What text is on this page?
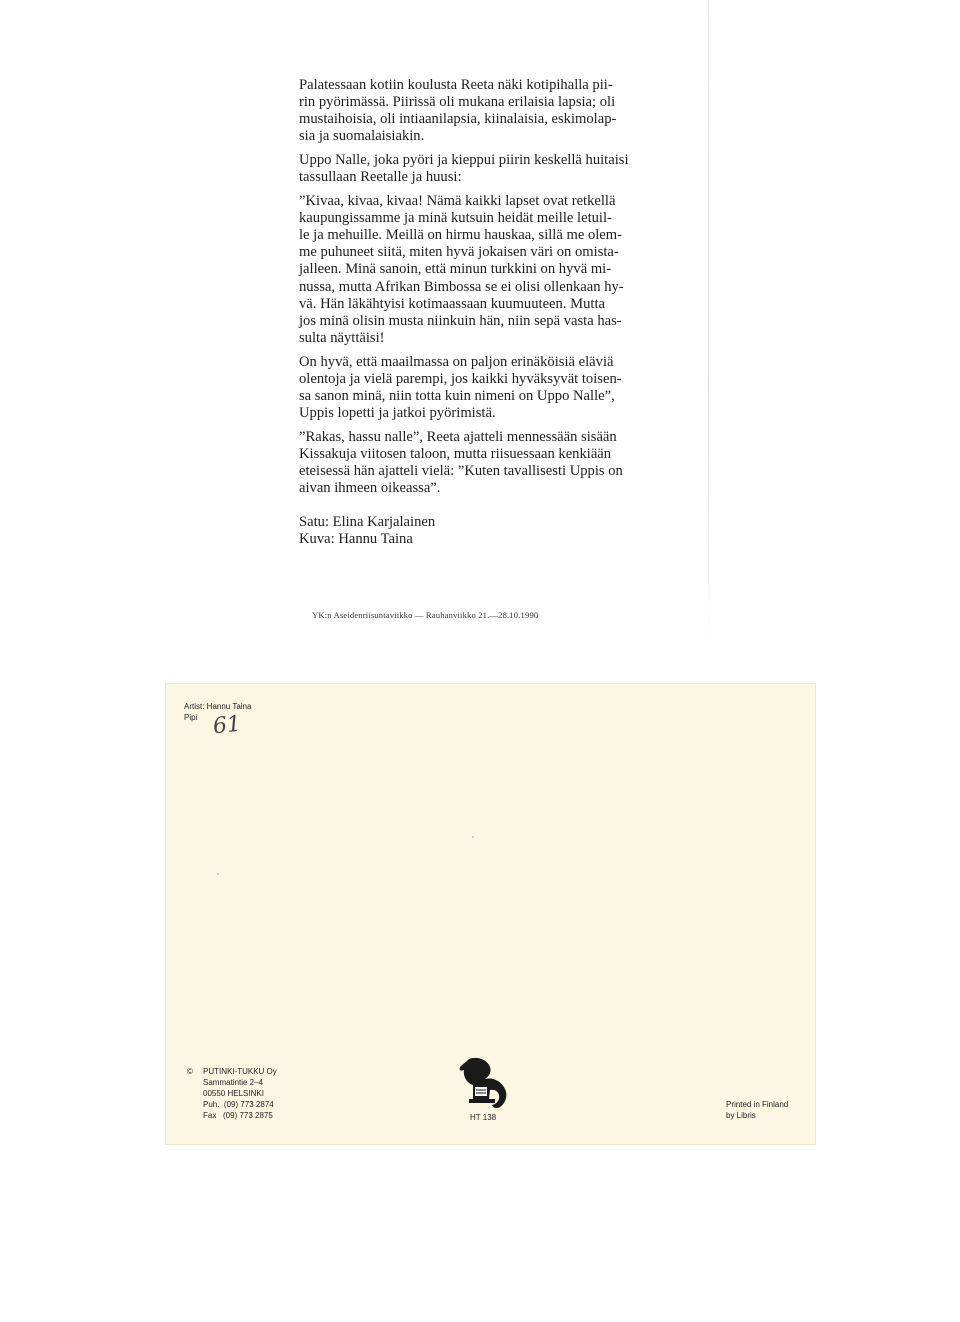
Palatessaan kotiin koulusta Reeta näki kotipihalla pii-
rin pyörimässä. Piirissä oli mukana erilaisia lapsia; oli
mustaihoisia, oli intiaanilapsia, kiinalaisia, eskimolap-
sia ja suomalaisiakin.

Uppo Nalle, joka pyöri ja kieppui piirin keskellä huitaisi
tassullaan Reetalle ja huusi:

”Kivaa, kivaa, kivaa! Nämä kaikki lapset ovat retkellä
kaupungissamme ja minä kutsuin heidät meille letuil-
le ja mehuille. Meillä on hirmu hauskaa, sillä me olem-
me puhuneet siitä, miten hyvä jokaisen väri on omista-
jalleen. Minä sanoin, että minun turkkini on hyvä mi-
nussa, mutta Afrikan Bimbossa se ei olisi ollenkaan hy-
vä. Hän läkähtyisi kotimaassaan kuumuuteen. Mutta
jos minä olisin musta niinkuin hän, niin sepä vasta has-
sulta näyttäisi!

On hyvä, että maailmassa on paljon erinäköisiä eläviä
olentoja ja vielä parempi, jos kaikki hyväksyvät toisen-
sa sanon minä, niin totta kuin nimeni on Uppo Nalle”,
Uppis lopetti ja jatkoi pyörimistä.

”Rakas, hassu nalle”, Reeta ajatteli mennessään sisään
Kissakuja viitosen taloon, mutta riisuessaan kenkiään
eteisessä hän ajatteli vielä: ”Kuten tavallisesti Uppis on
aivan ihmeen oikeassa”.

Satu: Elina Karjalainen
Kuva: Hannu Taina
YK:n Aseidenriisuntaviikko — Rauhanviikko 21.—28.10.1990
Artist: Hannu Taina
Pipi 61
©	PUTINKI-TUKKU Oy
Sammatintie 2–4
00550 HELSINKI
Puh.  (09) 773 2874
Fax   (09) 773 2875	HT 138
Printed in Finland
by Libris
